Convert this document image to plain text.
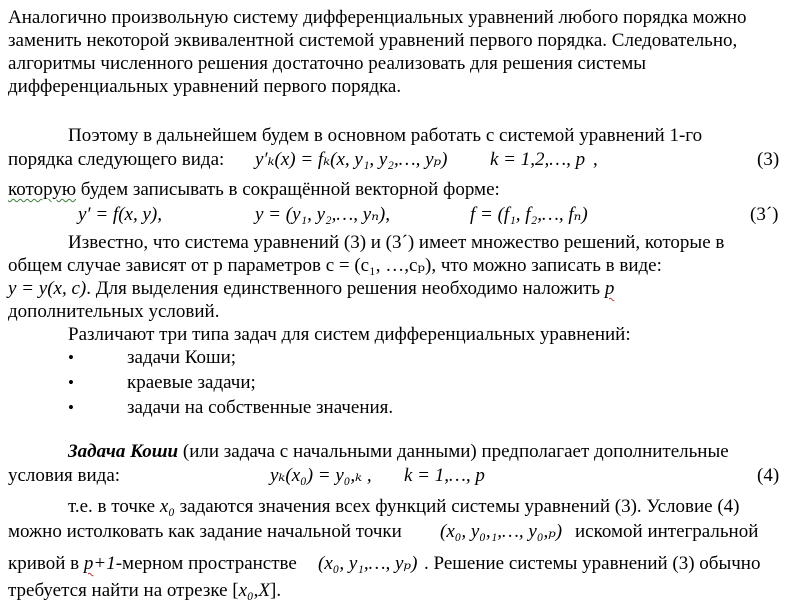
Аналогично произвольную систему дифференциальных уравнений любого порядка можно
заменить некоторой эквивалентной системой уравнений первого порядка. Следовательно,
алгоритмы численного решения достаточно реализовать для решения системы
дифференциальных уравнений первого порядка.
Поэтому в дальнейшем будем в основном работать с системой уравнений 1-го
порядка следующего вида: y′ₖ(x) = fₖ(x, y₁, y₂,…, yₚ) k = 1,2,…, p ,	(3)
которую будем записывать в сокращённой векторной форме:
y′ = f(x, y),	y = (y₁, y₂,…, yₙ),	f = (f₁, f₂,…, fₙ)	(3´)
Известно, что система уравнений (3) и (3´) имеет множество решений, которые в
общем случае зависят от p параметров c = (c₁, …,cₚ), что можно записать в виде:
y = y(x, c). Для выделения единственного решения необходимо наложить p
дополнительных условий.
Различают три типа задач для систем дифференциальных уравнений:
•	задачи Коши;
•	краевые задачи;
•	задачи на собственные значения.
Задача Коши (или задача с начальными данными) предполагает дополнительные
условия вида:	yₖ(x₀) = y₀,ₖ , k = 1,…, p	(4)
т.е. в точке x₀ задаются значения всех функций системы уравнений (3). Условие (4)
можно истолковать как задание начальной точки (x₀, y₀,₁,…, y₀,ₚ) искомой интегральной
кривой в p+1-мерном пространстве (x₀, y₁,…, yₚ) . Решение системы уравнений (3) обычно
требуется найти на отрезке [x₀,X].
